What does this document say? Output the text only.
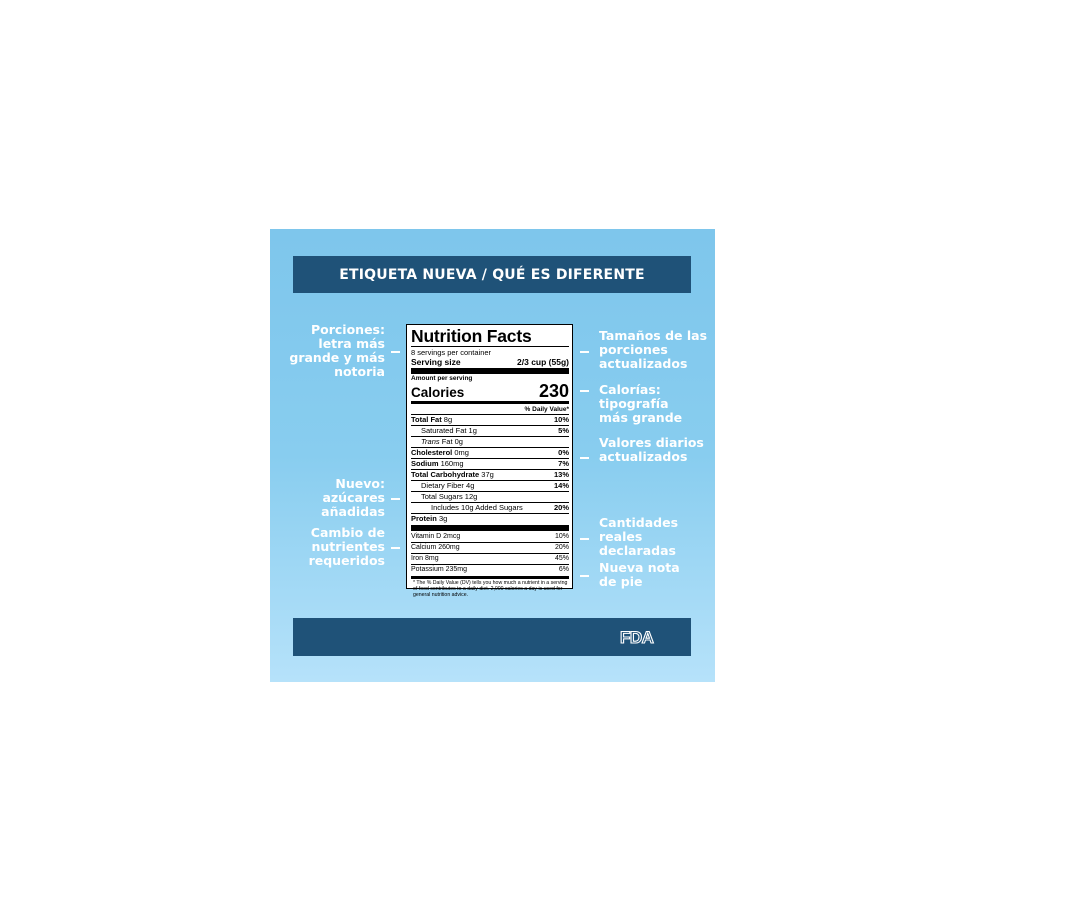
ETIQUETA NUEVA / QUÉ ES DIFERENTE
Porciones: letra más grande y más notoria
Nuevo: azúcares añadidas
Cambio de nutrientes requeridos
Tamaños de las porciones actualizados
Calorías: tipografía más grande
Valores diarios actualizados
Cantidades reales declaradas
Nueva nota de pie
Nutrition Facts
8 servings per container
Serving size	2/3 cup (55g)
Amount per serving
Calories	230
% Daily Value*
Total Fat 8g	10%
Saturated Fat 1g	5%
Trans Fat 0g
Cholesterol 0mg	0%
Sodium 160mg	7%
Total Carbohydrate 37g	13%
Dietary Fiber 4g	14%
Total Sugars 12g
Includes 10g Added Sugars	20%
Protein 3g
Vitamin D 2mcg	10%
Calcium 260mg	20%
Iron 8mg	45%
Potassium 235mg	6%
* The % Daily Value (DV) tells you how much a nutrient in a serving of food contributes to a daily diet. 2,000 calories a day is used for general nutrition advice.
FDA
